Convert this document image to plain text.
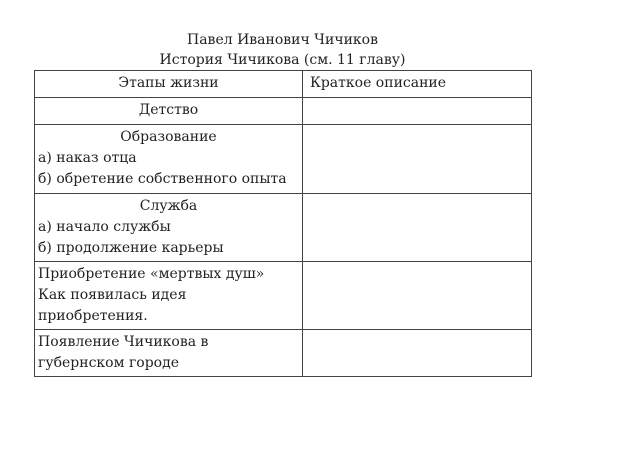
Павел Иванович Чичиков
История Чичикова (см. 11 главу)
Этапы жизни	Краткое описание

Детство	

Образование
а) наказ отца
б) обретение собственного опыта	

Служба
а) начало службы
б) продолжение карьеры	

Приобретение «мертвых душ»
Как появилась идея
приобретения.	

Появление Чичикова в
губернском городе	
